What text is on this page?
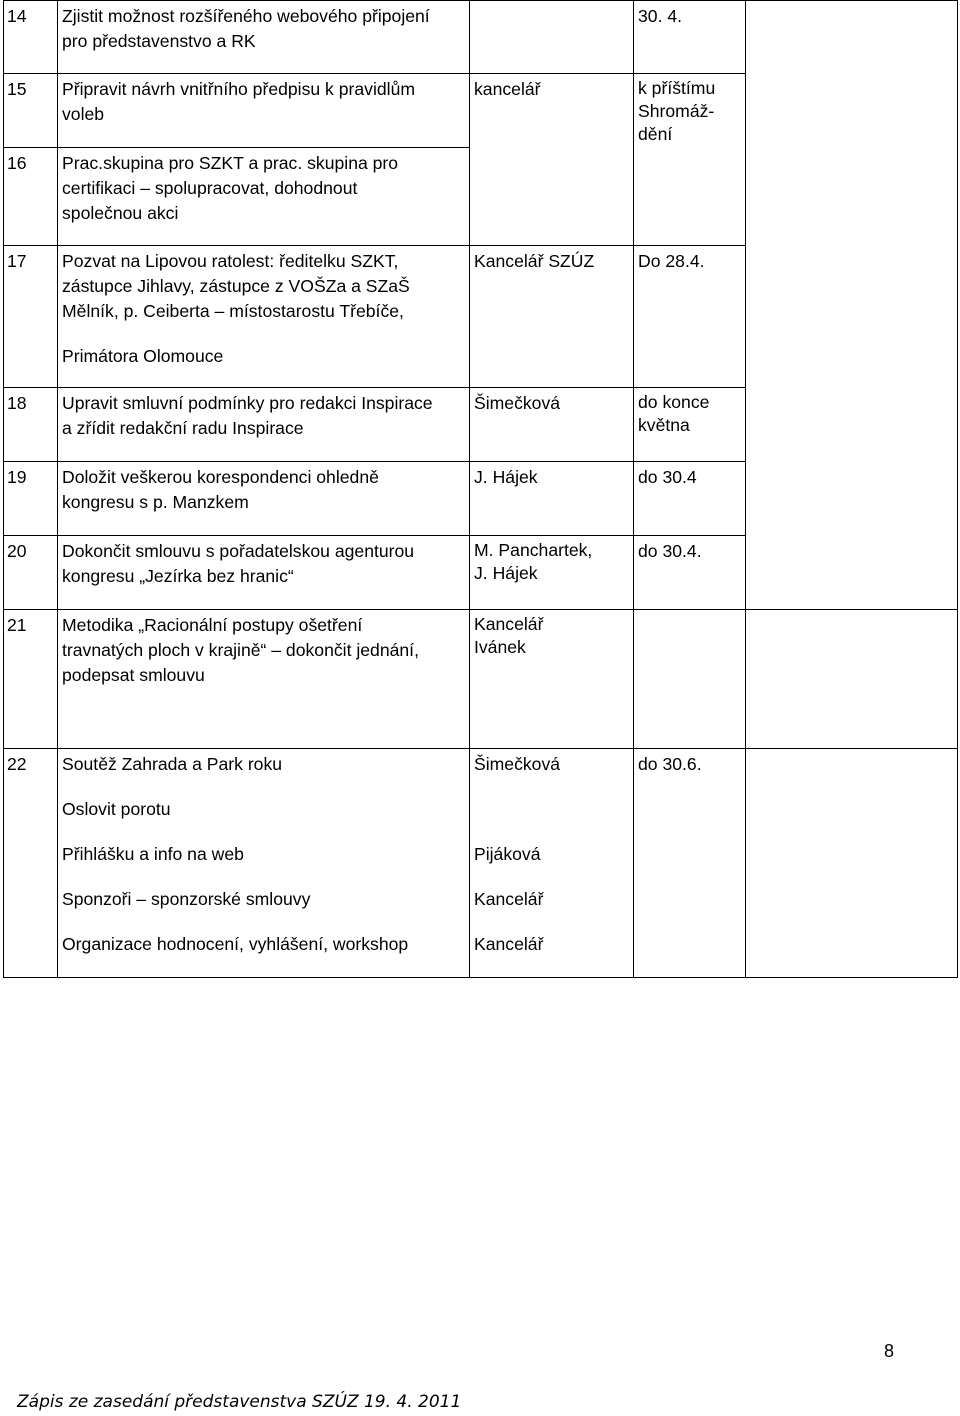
14	Zjistit možnost rozšířeného webového připojení
pro představenstvo a RK		30. 4.	

15	Připravit návrh vnitřního předpisu k pravidlům
voleb	kancelář	k příštímu
Shromáž-
dění	

16	Prac.skupina pro SZKT a prac. skupina pro
certifikaci – spolupracovat, dohodnout
společnou akci			

17	Pozvat na Lipovou ratolest: ředitelku SZKT,
zástupce Jihlavy, zástupce z VOŠZa a SZaŠ
Mělník, p. Ceiberta – místostarostu Třebíče,
Primátora Olomouce	Kancelář SZÚZ	Do 28.4.	

18	Upravit smluvní podmínky pro redakci Inspirace
a zřídit redakční radu Inspirace	Šimečková	do konce
května	

19	Doložit veškerou korespondenci ohledně
kongresu s p. Manzkem	J. Hájek	do 30.4	

20	Dokončit smlouvu s pořadatelskou agenturou
kongresu „Jezírka bez hranic“	M. Panchartek,
J. Hájek	do 30.4.	

21	Metodika „Racionální postupy ošetření
travnatých ploch v krajině“ – dokončit jednání,
podepsat smlouvu	Kancelář
Ivánek		

22	Soutěž Zahrada a Park roku
Oslovit porotu
Přihlášku a info na web
Sponzoři – sponzorské smlouvy
Organizace hodnocení, vyhlášení, workshop	Šimečková

Pijáková
Kancelář
Kancelář	do 30.6.	

8
Zápis ze zasedání představenstva SZÚZ 19. 4. 2011
